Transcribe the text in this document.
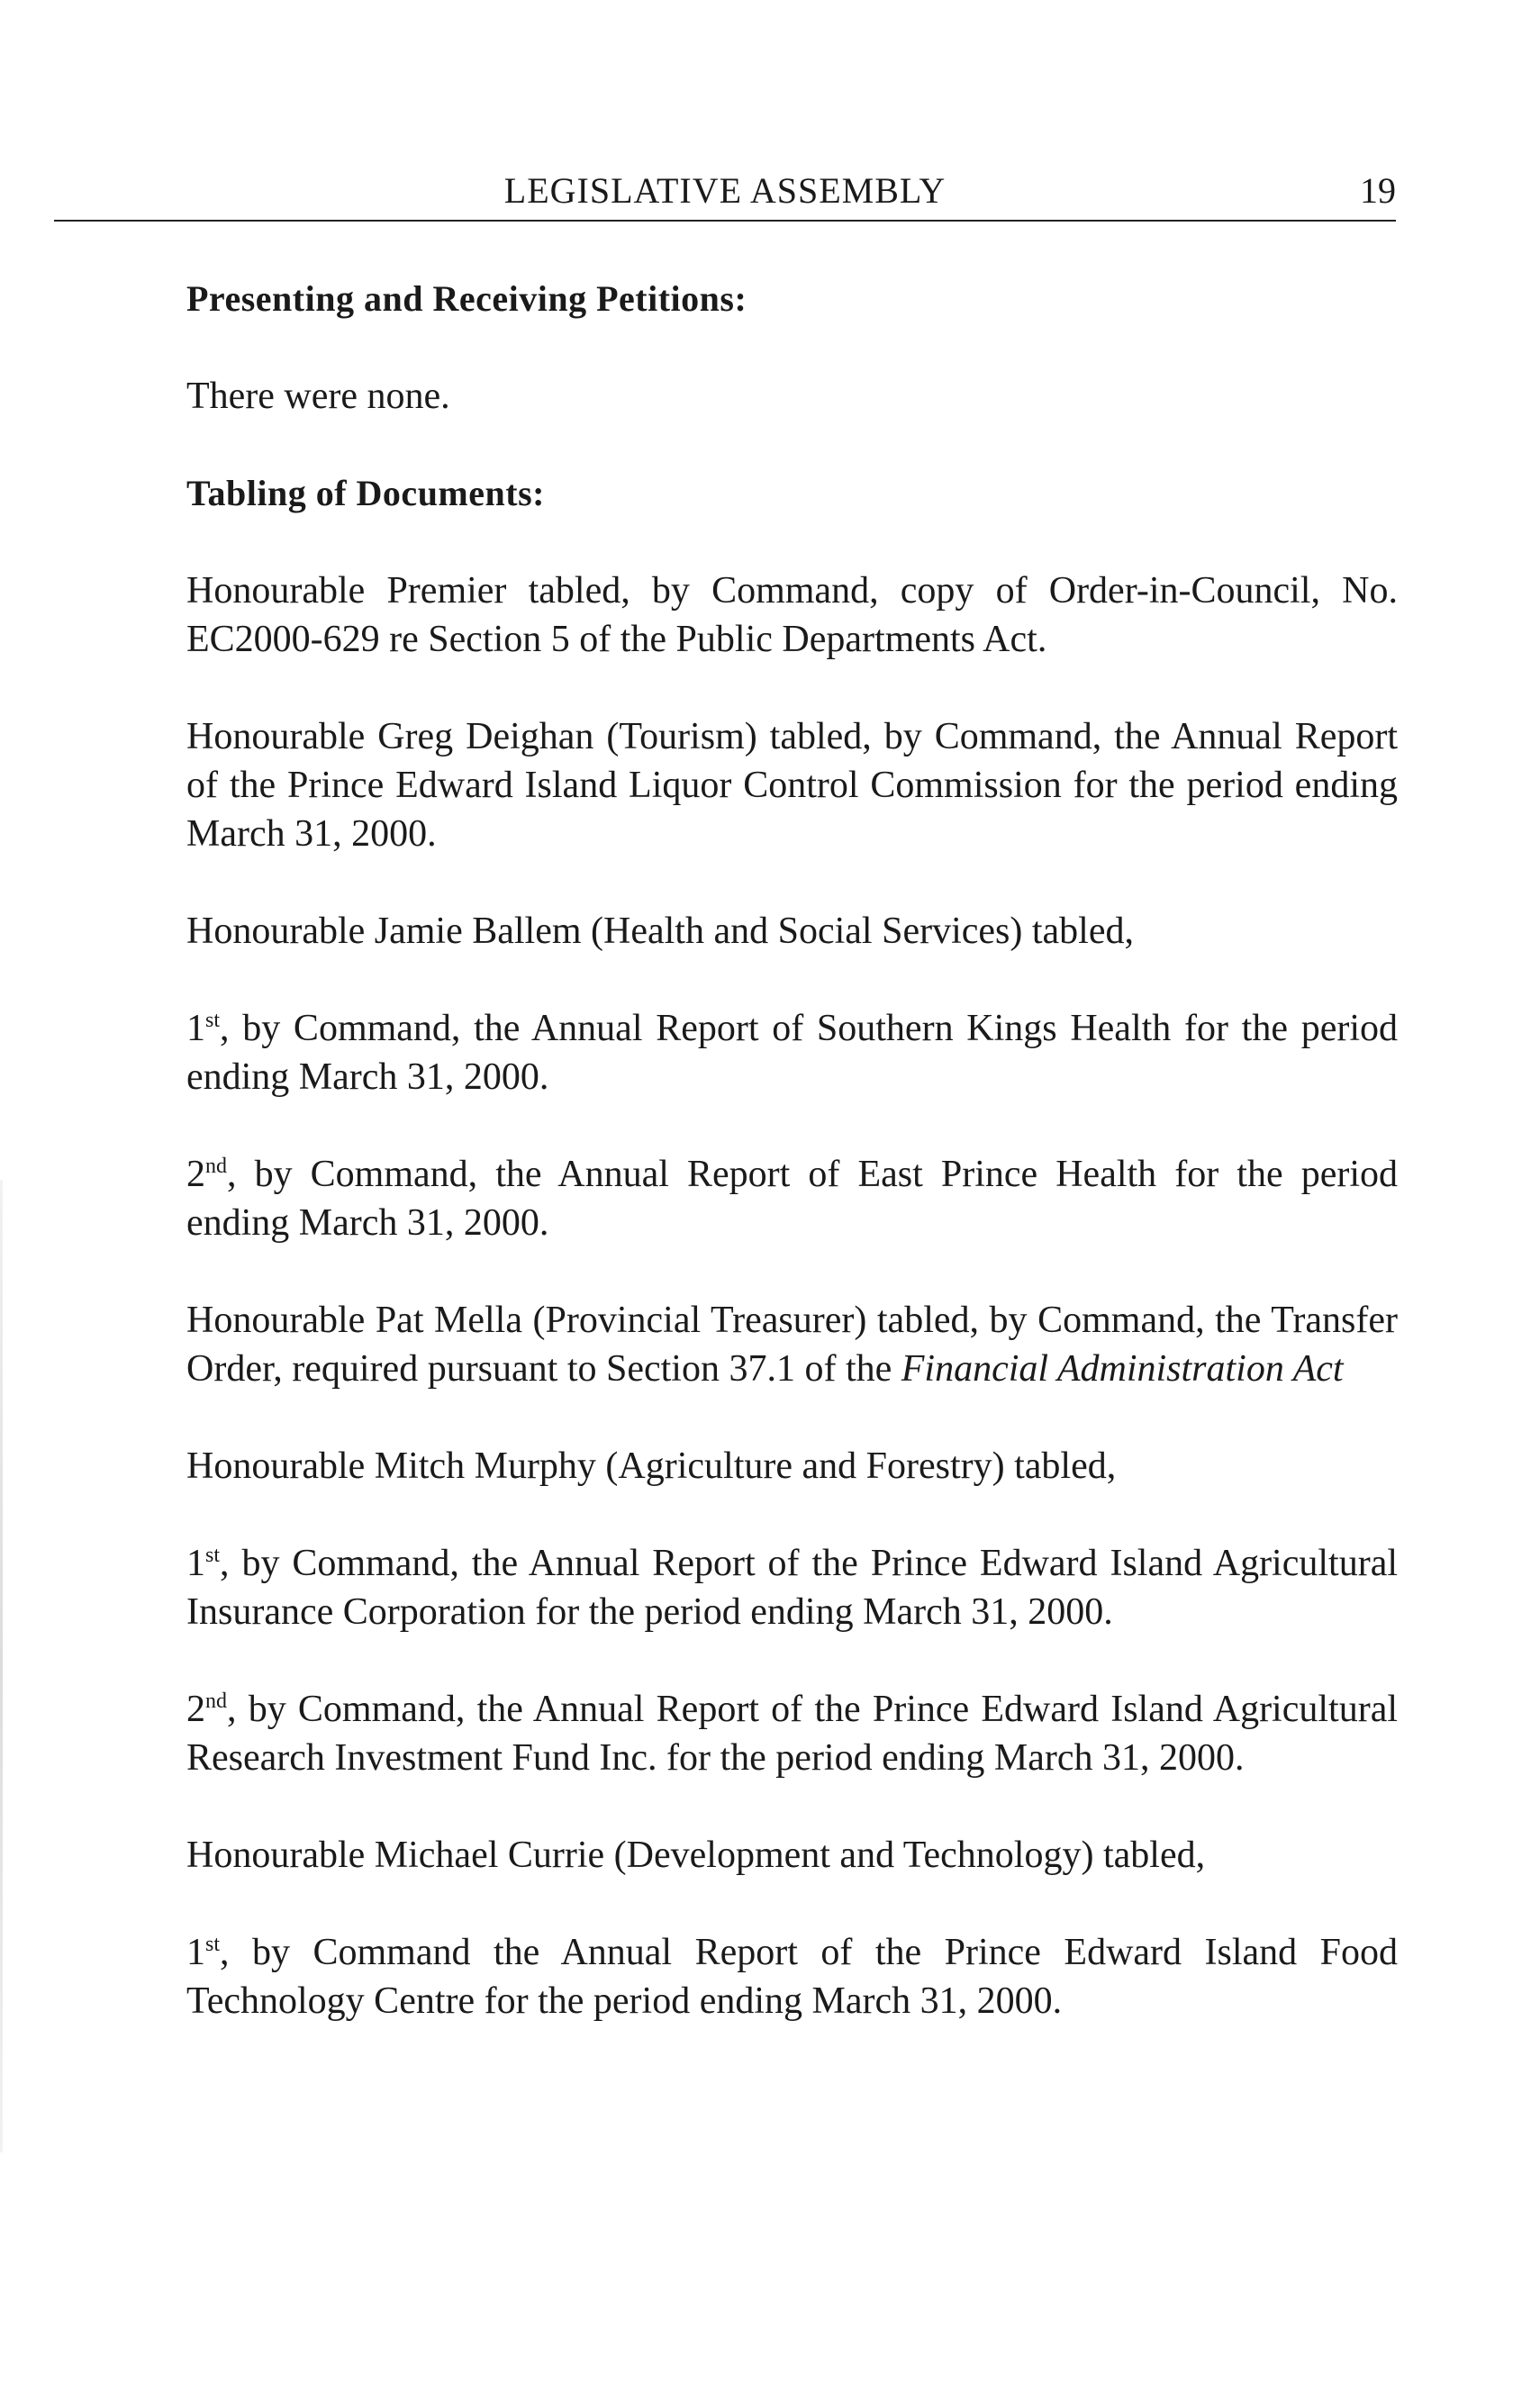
LEGISLATIVE ASSEMBLY	19
Presenting and Receiving Petitions:

There were none.

Tabling of Documents:

Honourable Premier tabled, by Command, copy of Order-in-Council, No. EC2000-629 re Section 5 of the Public Departments Act.

Honourable Greg Deighan (Tourism) tabled, by Command, the Annual Report of the Prince Edward Island Liquor Control Commission for the period ending March 31, 2000.

Honourable Jamie Ballem (Health and Social Services) tabled,

1st, by Command, the Annual Report of Southern Kings Health for the period ending March 31, 2000.

2nd, by Command, the Annual Report of East Prince Health for the period ending March 31, 2000.

Honourable Pat Mella (Provincial Treasurer) tabled, by Command, the Transfer Order, required pursuant to Section 37.1 of the Financial Administration Act

Honourable Mitch Murphy (Agriculture and Forestry) tabled,

1st, by Command, the Annual Report of the Prince Edward Island Agricultural Insurance Corporation for the period ending March 31, 2000.

2nd, by Command, the Annual Report of the Prince Edward Island Agricultural Research Investment Fund Inc. for the period ending March 31, 2000.

Honourable Michael Currie (Development and Technology) tabled,

1st, by Command the Annual Report of the Prince Edward Island Food Technology Centre for the period ending March 31, 2000.
